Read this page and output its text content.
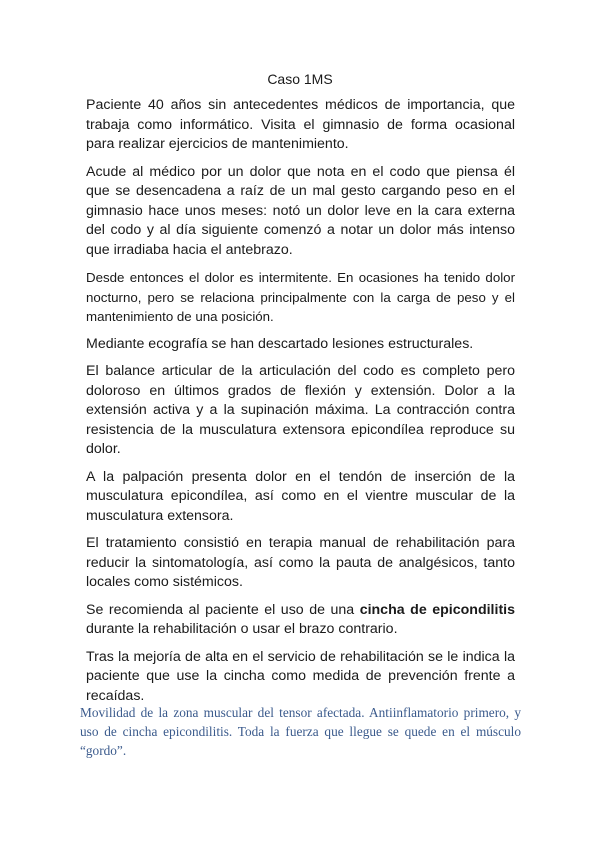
Caso 1MS

Paciente 40 años sin antecedentes médicos de importancia, que trabaja como informático. Visita el gimnasio de forma ocasional para realizar ejercicios de mantenimiento.

Acude al médico por un dolor que nota en el codo que piensa él que se desencadena a raíz de un mal gesto cargando peso en el gimnasio hace unos meses: notó un dolor leve en la cara externa del codo y al día siguiente comenzó a notar un dolor más intenso que irradiaba hacia el antebrazo.

Desde entonces el dolor es intermitente. En ocasiones ha tenido dolor nocturno, pero se relaciona principalmente con la carga de peso y el mantenimiento de una posición.

Mediante ecografía se han descartado lesiones estructurales.

El balance articular de la articulación del codo es completo pero doloroso en últimos grados de flexión y extensión. Dolor a la extensión activa y a la supinación máxima. La contracción contra resistencia de la musculatura extensora epicondílea reproduce su dolor.

A la palpación presenta dolor en el tendón de inserción de la musculatura epicondílea, así como en el vientre muscular de la musculatura extensora.

El tratamiento consistió en terapia manual de rehabilitación para reducir la sintomatología, así como la pauta de analgésicos, tanto locales como sistémicos.

Se recomienda al paciente el uso de una cincha de epicondilitis durante la rehabilitación o usar el brazo contrario.

Tras la mejoría de alta en el servicio de rehabilitación se le indica la paciente que use la cincha como medida de prevención frente a recaídas.

Movilidad de la zona muscular del tensor afectada. Antiinflamatorio primero, y uso de cincha epicondilitis. Toda la fuerza que llegue se quede en el músculo “gordo”.
